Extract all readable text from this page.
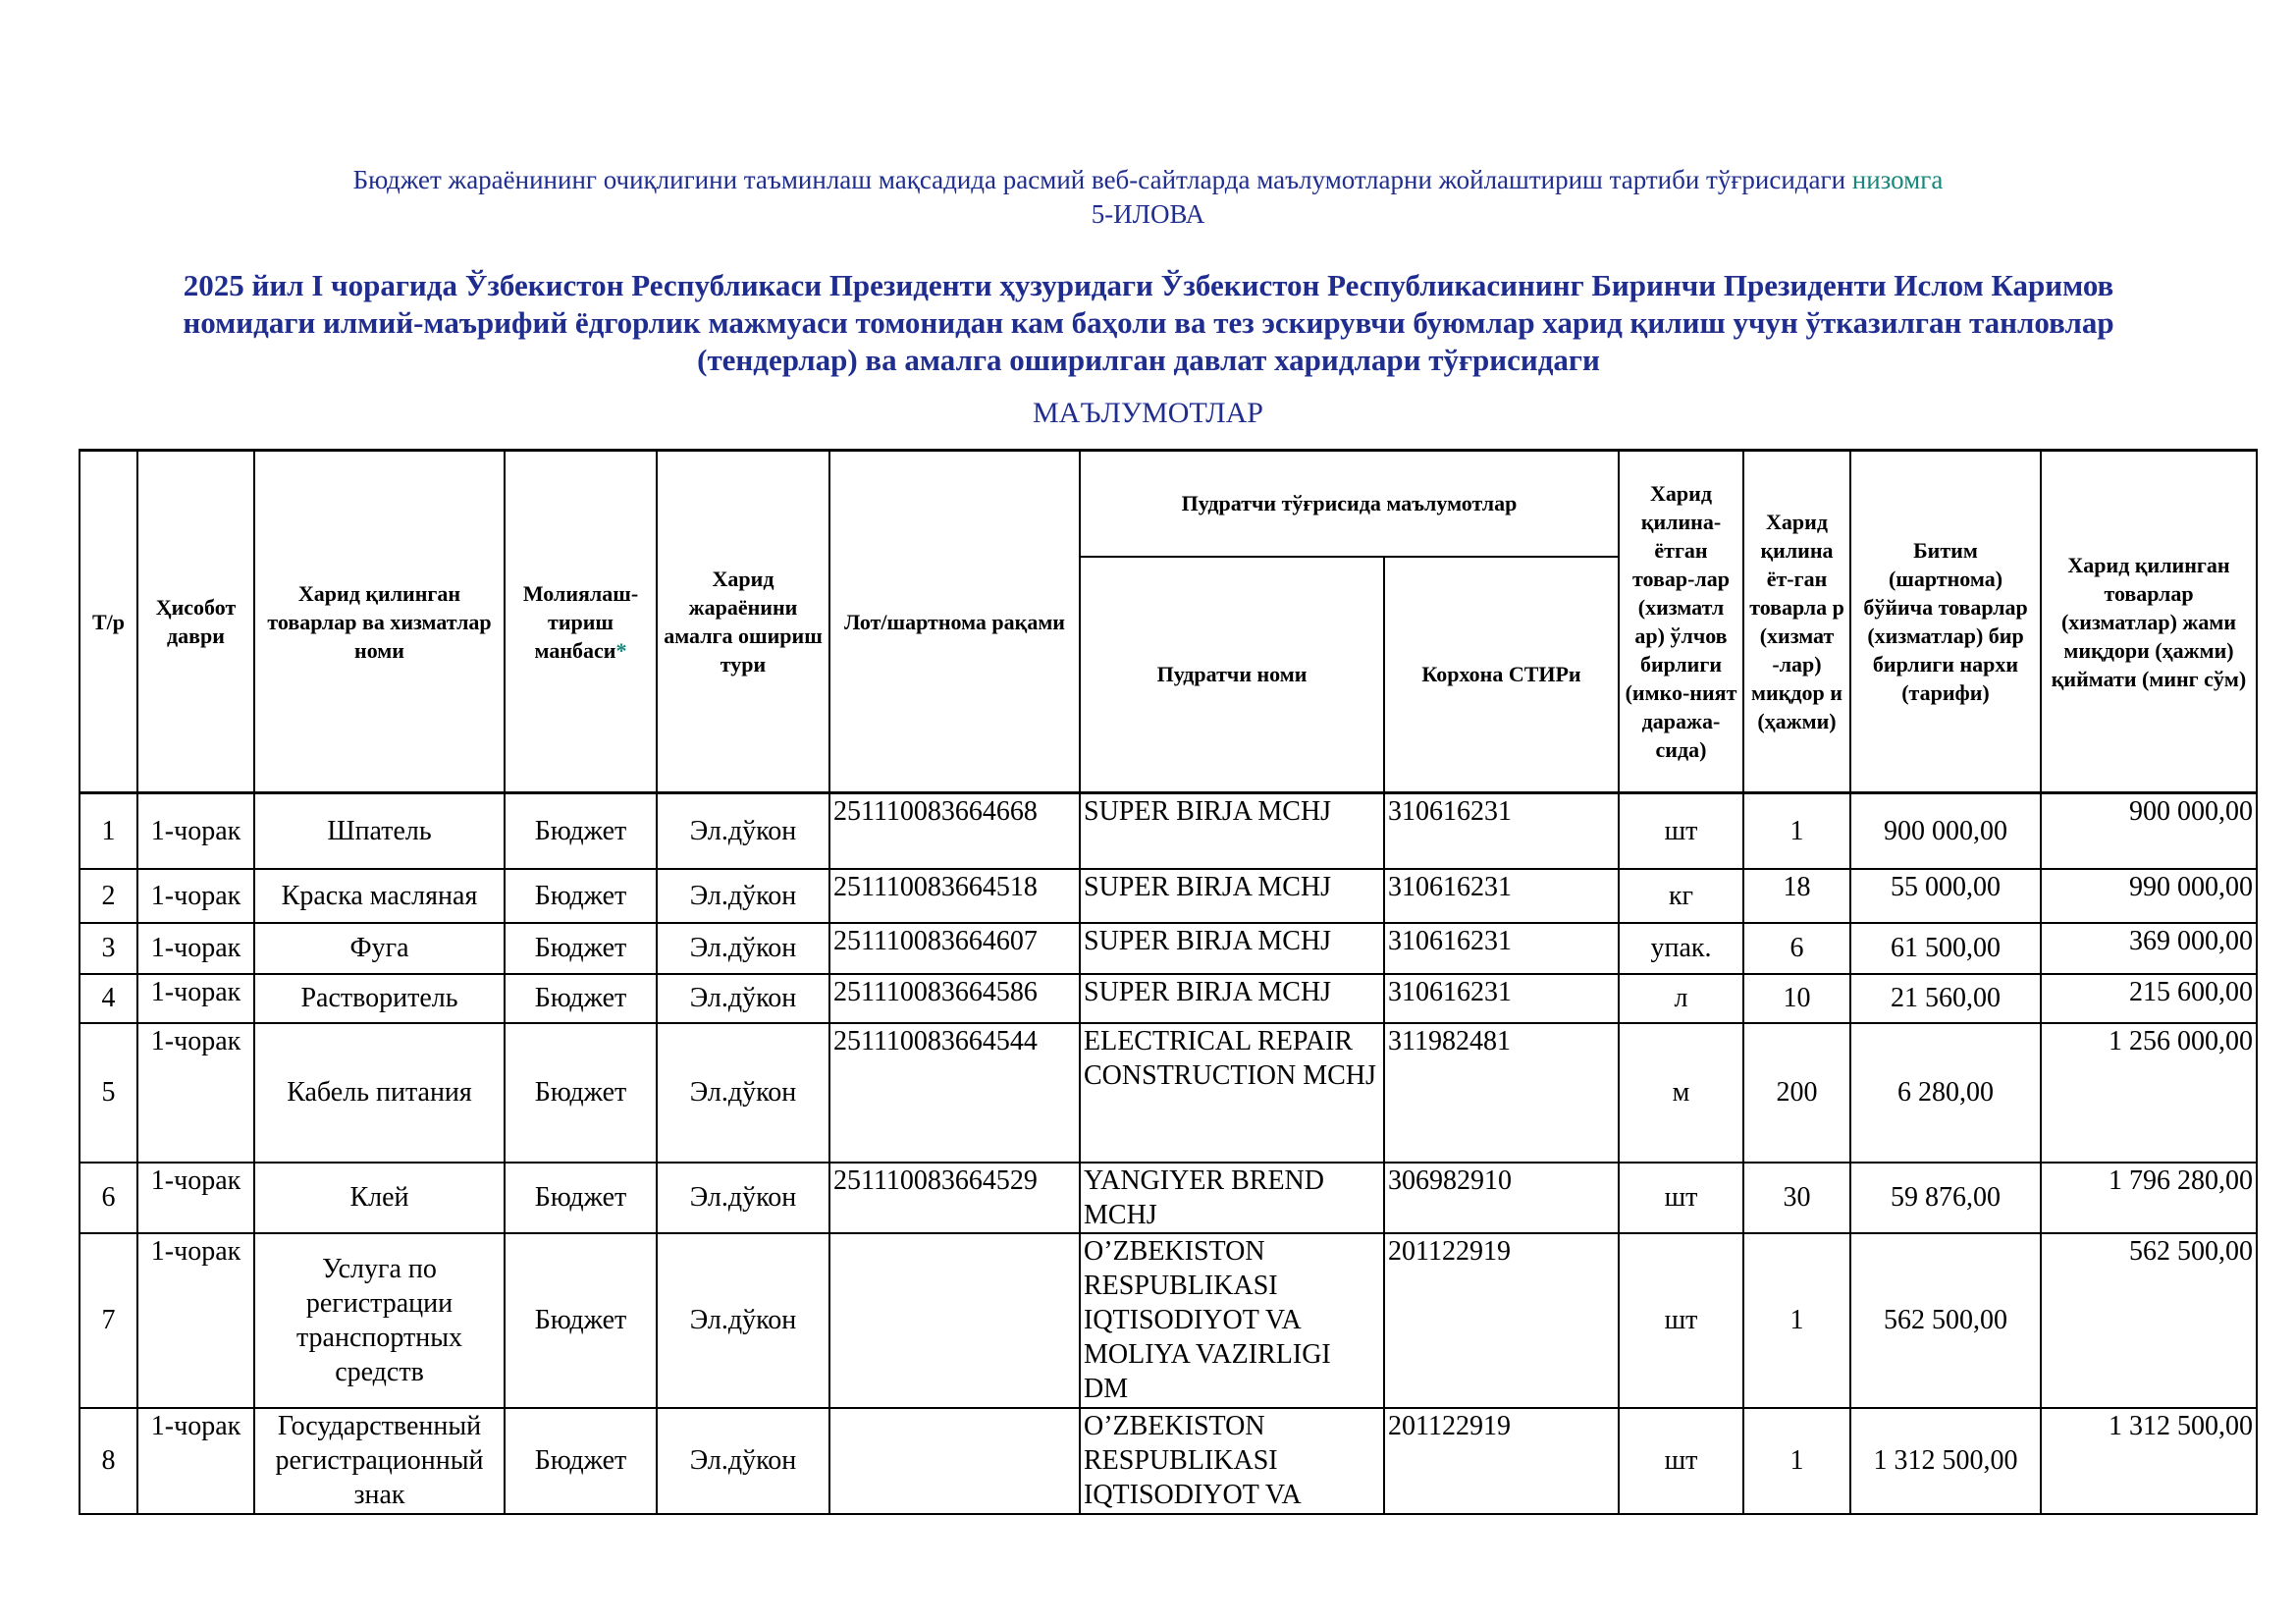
Бюджет жараёнининг очиқлигини таъминлаш мақсадида расмий веб-сайтларда маълумотларни жойлаштириш тартиби тўғрисидаги низомга
5-ИЛОВА
2025 йил I чорагида Ўзбекистон Республикаси Президенти ҳузуридаги Ўзбекистон Республикасининг Биринчи Президенти Ислом Каримов
номидаги илмий-маърифий ёдгорлик мажмуаси томонидан кам баҳоли ва тез эскирувчи буюмлар харид қилиш учун ўтказилган танловлар
(тендерлар) ва амалга оширилган давлат харидлари тўғрисидаги
МАЪЛУМОТЛАР
Т/р	Ҳисобот даври	Харид қилинган товарлар ва хизматлар номи	Молиялаш-тириш манбаси*	Харид жараёнини амалга ошириш тури	Лот/шартнома рақами	Пудратчи тўғрисида маълумотлар		Харид қилина-ётган товар-лар (хизматл ар) ўлчов бирлиги (имко-ният даража-сида)	Харид қилина ёт-ган товарла р (хизмат -лар) миқдор и (ҳажми)	Битим (шартнома) бўйича товарлар (хизматлар) бир бирлиги нархи (тарифи)	Харид қилинган товарлар (хизматлар) жами миқдори (ҳажми) қиймати (минг сўм)
						Пудратчи номи	Корхона СТИРи				
1	1-чорак	Шпатель	Бюджет	Эл.дўкон	251110083664668	SUPER BIRJA MCHJ	310616231	шт	1	900 000,00	900 000,00
2	1-чорак	Краска масляная	Бюджет	Эл.дўкон	251110083664518	SUPER BIRJA MCHJ	310616231	кг	18	55 000,00	990 000,00
3	1-чорак	Фуга	Бюджет	Эл.дўкон	251110083664607	SUPER BIRJA MCHJ	310616231	упак.	6	61 500,00	369 000,00
4	1-чорак	Растворитель	Бюджет	Эл.дўкон	251110083664586	SUPER BIRJA MCHJ	310616231	л	10	21 560,00	215 600,00
5	1-чорак	Кабель питания	Бюджет	Эл.дўкон	251110083664544	ELECTRICAL REPAIR CONSTRUCTION MCHJ	311982481	м	200	6 280,00	1 256 000,00
6	1-чорак	Клей	Бюджет	Эл.дўкон	251110083664529	YANGIYER BREND MCHJ	306982910	шт	30	59 876,00	1 796 280,00
7	1-чорак	Услуга по регистрации транспортных средств	Бюджет	Эл.дўкон		O’ZBEKISTON RESPUBLIKASI IQTISODIYOT VA MOLIYA VAZIRLIGI DM	201122919	шт	1	562 500,00	562 500,00
8	1-чорак	Государственный регистрационный знак	Бюджет	Эл.дўкон		O’ZBEKISTON RESPUBLIKASI IQTISODIYOT VA	201122919	шт	1	1 312 500,00	1 312 500,00
